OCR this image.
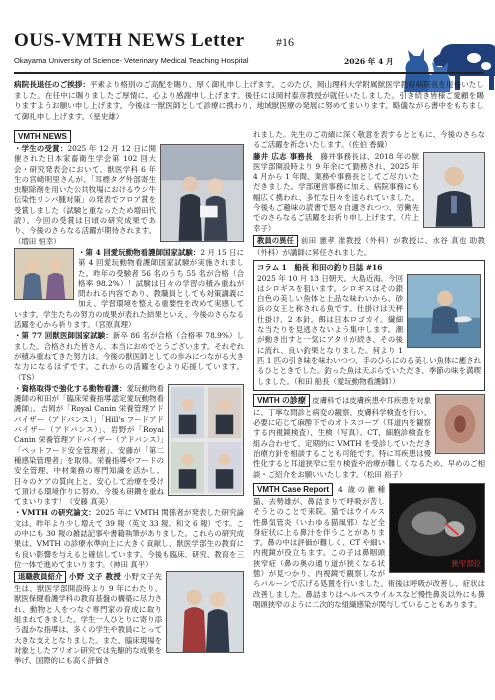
OUS-VMTH NEWS Letter	#16
Okayama University of Science- Veterinary Medical Teaching Hospital	2026 年 4 月
病院長退任のご挨拶：平素より格別のご高配を賜り、厚く御礼申し上げます。このたび、岡山理科大学附属獣医学教育病院長を退任いたしました。在任中に賜りましたご厚情に、心より感謝申し上げます。後任には岡村泰彦教授が就任いたしました。引き続き皆様ご愛顧を賜りますようお願い申し上げます。今後は一獣医師として診療に携わり、地域獣医療の発展に努めてまいります。略儀ながら書中をもちまして御礼申し上げます。（星史雄）
VMTH NEWS

・学生の受賞：2025 年 12 月 12 日に開催された日本家畜衛生学会第 102 回大会・研究発表会において、獣医学科 6 年生の宮崎明里さんが、「耳標タグ外部寄生虫駆除剤を用いた公共牧場におけるウシ牛伝染性リンパ腫対策」の発表でフロア賞を受賞しました（試験と重なったため増田代読）。今回の受賞は日頃の研究成果であり、今後のさらなる活躍が期待されます。（増田 恒幸）

・第 4 回愛玩動物看護師国家試験：2 月 15 日に第 4 回愛玩動物看護師国家試験が実施されました。昨年の受験者 56 名のうち 55 名が合格（合格率 98.2%）！試験は日々の学習の積み重ねが問われる内容であり、教職員としても対策講義に加え、学習環境を整える重要性を改めて実感しています。学生たちの努力の成果が表れた結果といえ、今後のさらなる活躍を心から祈ります。（宮原真理）

・第 77 回獣医師国家試験：新卒 86 名が合格（合格率 78.9%）しました。合格された皆さん、本当におめでとうございます。それぞれが積み重ねてきた努力は、今後の獣医師としての歩みにつながる大きな力になるはずです。これからの活躍を心より応援しています。（TS）

・資格取得で強化する動物看護：愛玩動物看護師の和田が「臨床栄養指導認定愛玩動物看護師」、吉岡が「Royal Canin 栄養管理アドバイザー（アドバンス）」「Hill's フードアドバイザー（アドバンス）」、岩野が「Royal Canin 栄養管理アドバイザー（アドバンス）」「ペットフード安全管理者」、安藤が「第二種感染管理者」を取得。栄養指導やフードの安全管理、中材業務の専門知識を活かし、日々のケアの質向上と、安心して治療を受けて頂ける環境作りに努め、今後も研鑽を重ねてまいります！（安藤 真美）

・VMTH の研究論文：2025 年に VMTH 関係者が発表した研究論文は、昨年より少し増えて 39 報（英文 33 報、和文 6 報）です。この中にも 30 報の雑誌記事や書籍執筆がありました。これらの研究成果は、VMTH の診療水準向上に大きく貢献し、獣医学部生の教育にも良い影響を与えると確信しています。今後も臨床、研究、教育を三位一体で進めてまいります。（神田 真平）

退職教員紹介 小野 文子 教授 小野文子先生は、獣医学部開設時より 9 年にわたり、獣医保健看護学科の教育基盤の構築に尽力され、動物と人をつなぐ専門家の育成に取り組まれてきました。学生一人ひとりに寄り添う温かな指導は、多くの学生や教員にとって大きな支えとなりました。また、臨床現場を対象としたプリオン研究では先駆的な成果を挙げ、国際的にも高く評価さ

れました。先生のご功績に深く敬意を表するとともに、今後のさらなるご活躍を祈念いたします。（佐伯 香織）

藤井 広志 事務長　 藤井事務長は、2018 年の獣医学部開設時より 9 年余にて勤務され、2025 年 4 月から 1 年間、業務や事務長としてご尽力いただきました。学部運営事務に加え、病院事務にも幅広く携われ、多忙な日々を送られていました。今後もご趣味の読書で悠々自適されつつ、労働先でのさらなるご活躍をお祈り申し上げます。（片上 幸子）

教員の異任 前田 憲孝 准教授（外科）が教授に、水谷 真也 助教（外科）が講師に昇任されました。

コラム 1　船長 和田の釣り日誌 #16

2025 年 10 月 13 日朝天。大島近海。今回はシロギスを狙います。シロギスはその銀白色の美しい魚体と上品な味わいから、砂浜の女王と称される魚です。仕掛けは天秤仕掛け、2 本針。餌は日本ロゴカイ。繊細な当たりを見逃さないよう集中します。潮が動き出すと一気にアタリが続き、その後に流れ、良い釣果となりました。何より 1 匹 1 匹の引き味を味わいつつ、手のひらにのる美しい魚体に癒されるひとときでした。釣った魚は天ぷらでいただき、季節の味を満喫しました。（和田 船長（愛玩動物看護師））

VMTH の診療 皮膚科では皮膚疾患や耳疾患を対象に、丁寧な問診と病変の観察、皮膚科学検査を行い、必要に応じて麻酔下でのオトスコープ（耳道内を観察する内視鏡検査）、生検（写真）、CT、細胞診検査を組み合わせて、定期的に VMTH を受診していただき治療方針を相談することも可能です。特に耳疾患は慢性化すると耳道狭窄に至り検査や治療が難しくなるため、早めのご相談・ご紹介をお願いいたします。（松田 裕子）

狭窄部位

VMTH Case Report 4 歳の雑種猫、去勢雄が、鼻詰まりで呼吸が苦しそうとのことで来院。猫ではウイルス性鼻気管炎（いわゆる猫風邪）など全身症状に上る鼻汁を伴うことがあります。鼻の中は評価が難しく、CT や細い内視鏡が役立ちます。この子は鼻咽頭狭窄症（鼻の奥の通り道が狭くなる状態）が見つかり、内視鏡で観察しながらバルーンで広げる処置を行いました。術後は呼吸が改善し、症状は改善しました。鼻詰まりはヘルペスウイルスなど慢性鼻炎以外にも鼻咽頭狭窄のように二次的な組織感染が関与していることもあります。
